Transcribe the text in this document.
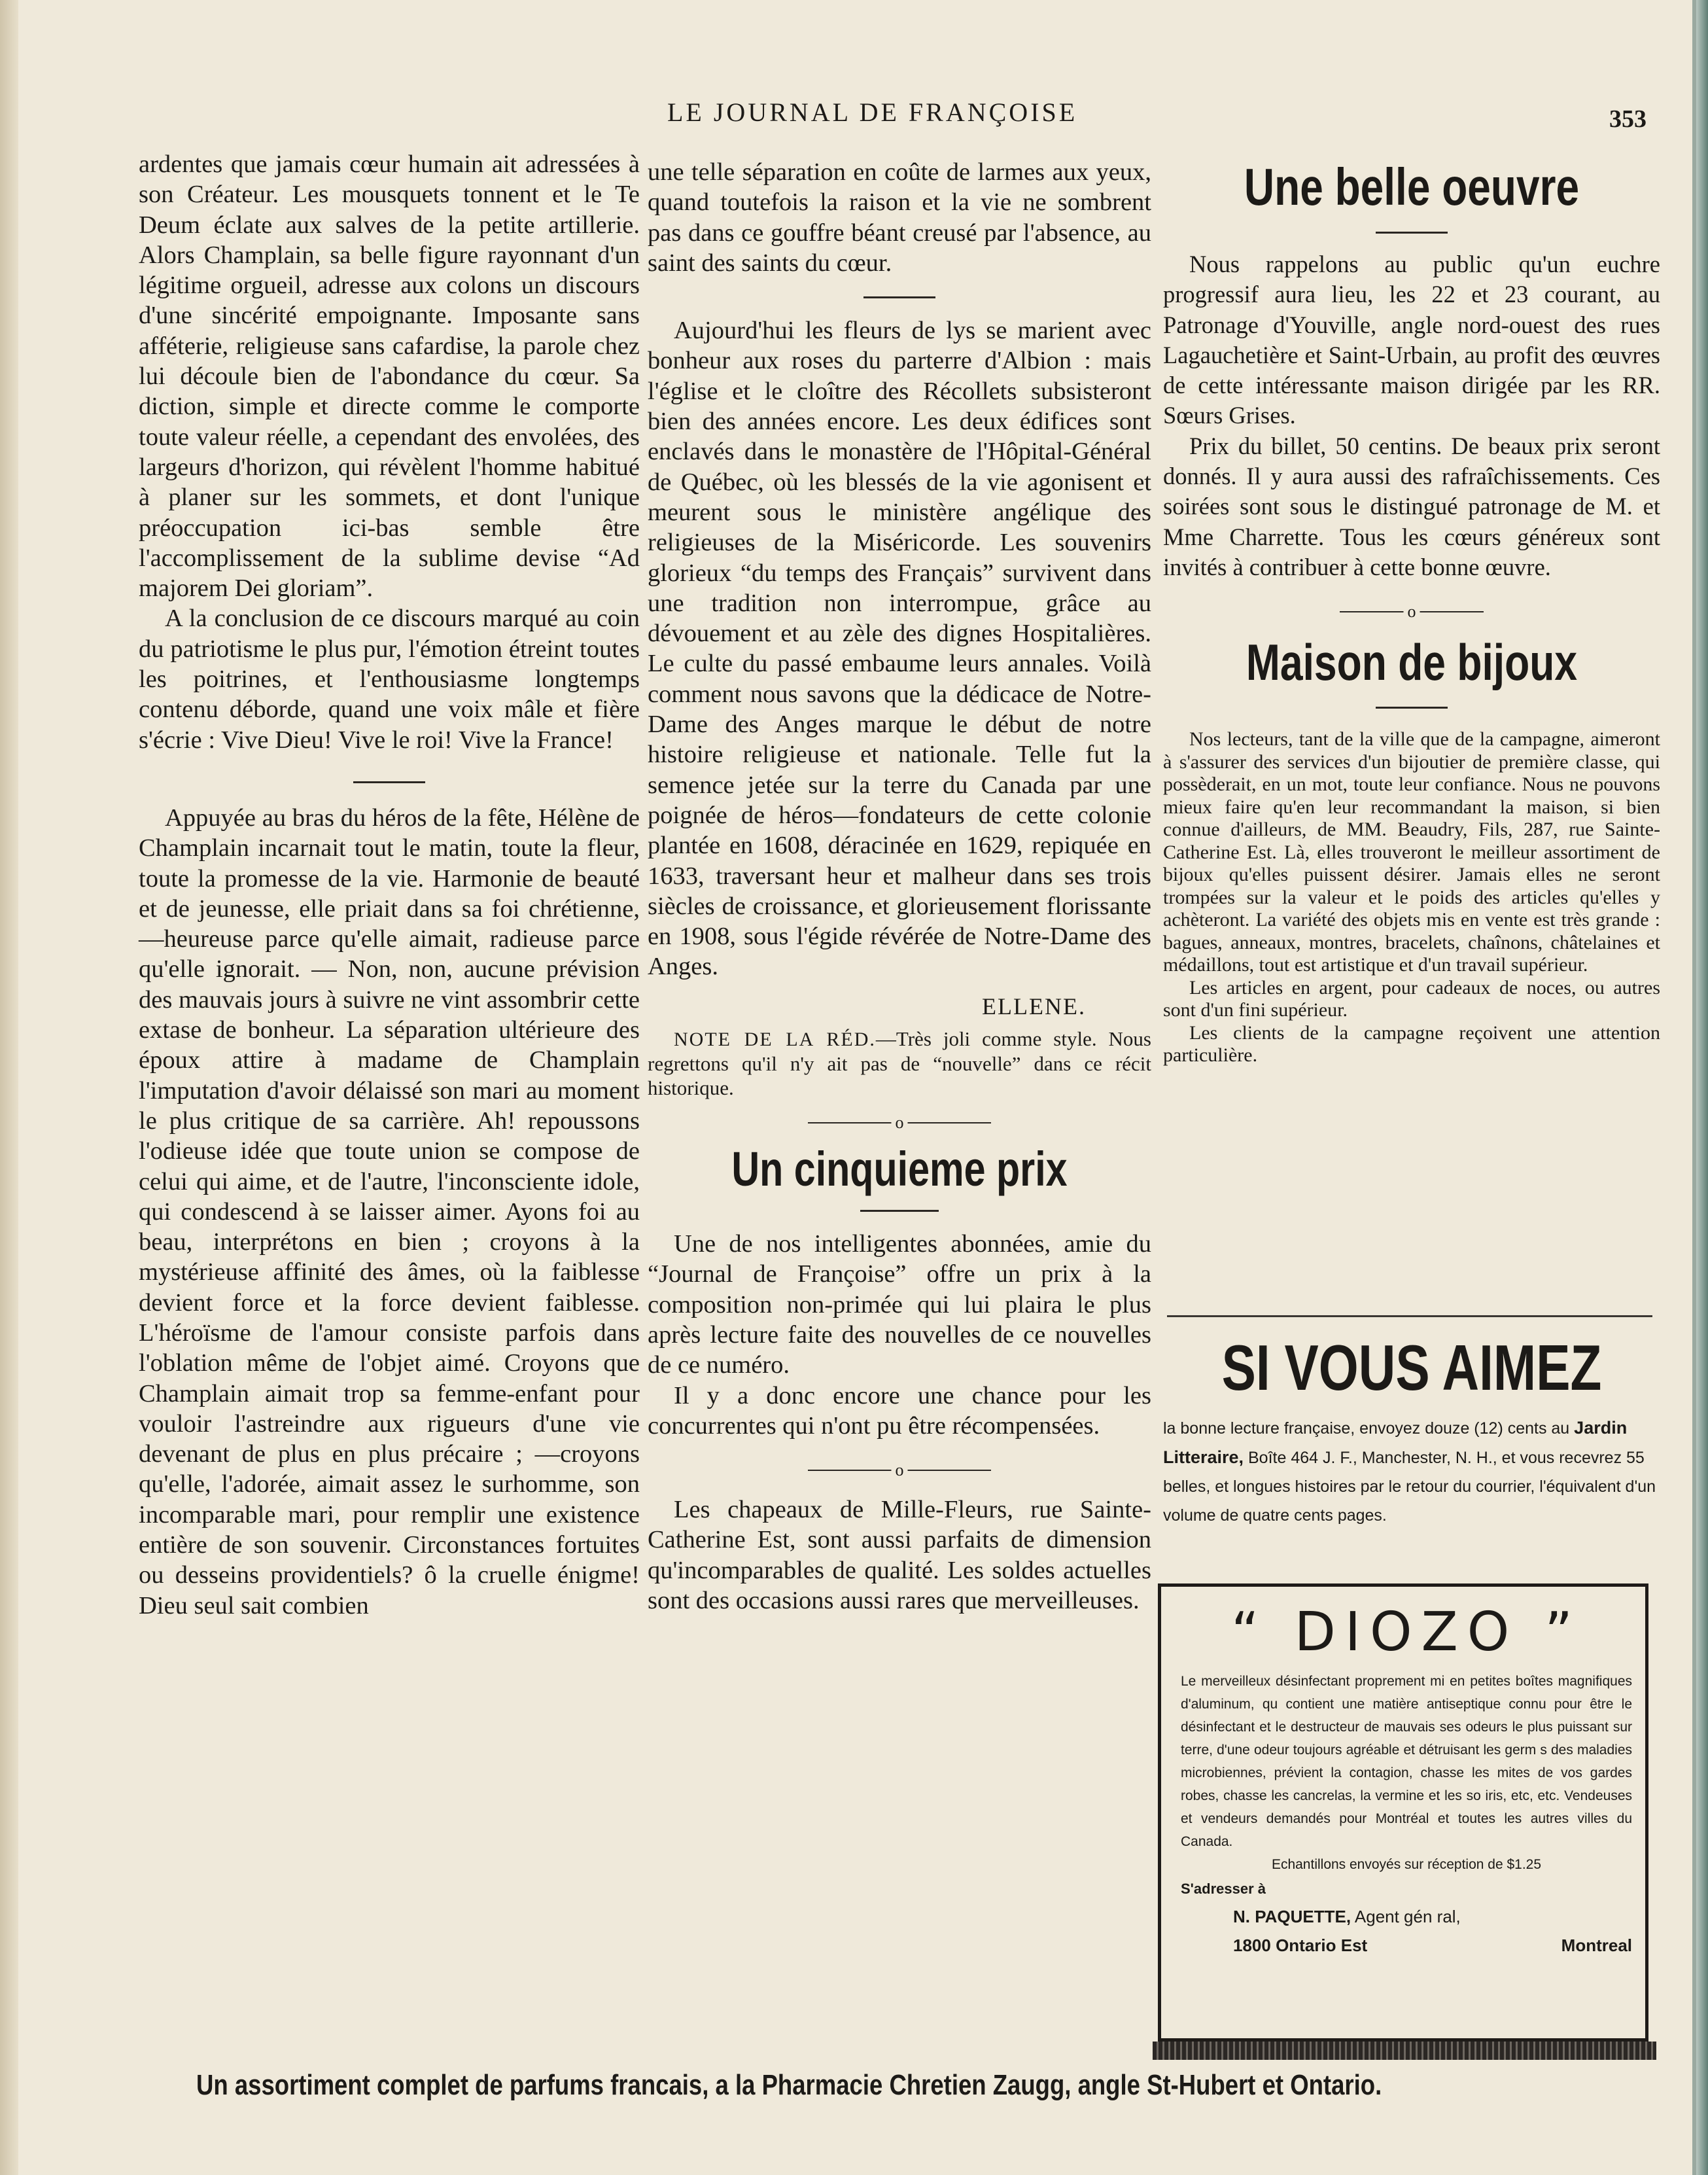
LE JOURNAL DE FRANÇOISE	353

ardentes que jamais cœur humain ait adressées à son Créateur. Les mousquets tonnent et le Te Deum éclate aux salves de la petite artillerie. Alors Champlain, sa belle figure rayonnant d'un légitime orgueil, adresse aux colons un discours d'une sincérité empoignante. Imposante sans afféterie, religieuse sans cafardise, la parole chez lui découle bien de l'abondance du cœur. Sa diction, simple et directe comme le comporte toute valeur réelle, a cependant des envolées, des largeurs d'horizon, qui révèlent l'homme habitué à planer sur les sommets, et dont l'unique préoccupation ici-bas semble être l'accomplissement de la sublime devise “Ad majorem Dei gloriam”.

A la conclusion de ce discours marqué au coin du patriotisme le plus pur, l'émotion étreint toutes les poitrines, et l'enthousiasme longtemps contenu déborde, quand une voix mâle et fière s'écrie : Vive Dieu! Vive le roi! Vive la France!

Appuyée au bras du héros de la fête, Hélène de Champlain incarnait tout le matin, toute la fleur, toute la promesse de la vie. Harmonie de beauté et de jeunesse, elle priait dans sa foi chrétienne,—heureuse parce qu'elle aimait, radieuse parce qu'elle ignorait. — Non, non, aucune prévision des mauvais jours à suivre ne vint assombrir cette extase de bonheur. La séparation ultérieure des époux attire à madame de Champlain l'imputation d'avoir délaissé son mari au moment le plus critique de sa carrière. Ah! repoussons l'odieuse idée que toute union se compose de celui qui aime, et de l'autre, l'inconsciente idole, qui condescend à se laisser aimer. Ayons foi au beau, interprétons en bien ; croyons à la mystérieuse affinité des âmes, où la faiblesse devient force et la force devient faiblesse. L'héroïsme de l'amour consiste parfois dans l'oblation même de l'objet aimé. Croyons que Champlain aimait trop sa femme-enfant pour vouloir l'astreindre aux rigueurs d'une vie devenant de plus en plus précaire ; —croyons qu'elle, l'adorée, aimait assez le surhomme, son incomparable mari, pour remplir une existence entière de son souvenir. Circonstances fortuites ou desseins providentiels? ô la cruelle énigme! Dieu seul sait combien

une telle séparation en coûte de larmes aux yeux, quand toutefois la raison et la vie ne sombrent pas dans ce gouffre béant creusé par l'absence, au saint des saints du cœur.

Aujourd'hui les fleurs de lys se marient avec bonheur aux roses du parterre d'Albion : mais l'église et le cloître des Récollets subsisteront bien des années encore. Les deux édifices sont enclavés dans le monastère de l'Hôpital-Général de Québec, où les blessés de la vie agonisent et meurent sous le ministère angélique des religieuses de la Miséricorde. Les souvenirs glorieux “du temps des Français” survivent dans une tradition non interrompue, grâce au dévouement et au zèle des dignes Hospitalières. Le culte du passé embaume leurs annales. Voilà comment nous savons que la dédicace de Notre-Dame des Anges marque le début de notre histoire religieuse et nationale. Telle fut la semence jetée sur la terre du Canada par une poignée de héros—fondateurs de cette colonie plantée en 1608, déracinée en 1629, repiquée en 1633, traversant heur et malheur dans ses trois siècles de croissance, et glorieusement florissante en 1908, sous l'égide révérée de Notre-Dame des Anges.

ELLENE.

NOTE DE LA RÉD.—Très joli comme style. Nous regrettons qu'il n'y ait pas de “nouvelle” dans ce récit historique.

o
Un cinquieme prix

Une de nos intelligentes abonnées, amie du “Journal de Françoise” offre un prix à la composition non-primée qui lui plaira le plus après lecture faite des nouvelles de ce nouvelles de ce numéro.

Il y a donc encore une chance pour les concurrentes qui n'ont pu être récompensées.

o

Les chapeaux de Mille-Fleurs, rue Sainte-Catherine Est, sont aussi parfaits de dimension qu'incomparables de qualité. Les soldes actuelles sont des occasions aussi rares que merveilleuses.

Une belle oeuvre

Nous rappelons au public qu'un euchre progressif aura lieu, les 22 et 23 courant, au Patronage d'Youville, angle nord-ouest des rues Lagauchetière et Saint-Urbain, au profit des œuvres de cette intéressante maison dirigée par les RR. Sœurs Grises.

Prix du billet, 50 centins. De beaux prix seront donnés. Il y aura aussi des rafraîchissements. Ces soirées sont sous le distingué patronage de M. et Mme Charrette. Tous les cœurs généreux sont invités à contribuer à cette bonne œuvre.

o
Maison de bijoux

Nos lecteurs, tant de la ville que de la campagne, aimeront à s'assurer des services d'un bijoutier de première classe, qui possèderait, en un mot, toute leur confiance. Nous ne pouvons mieux faire qu'en leur recommandant la maison, si bien connue d'ailleurs, de MM. Beaudry, Fils, 287, rue Sainte-Catherine Est. Là, elles trouveront le meilleur assortiment de bijoux qu'elles puissent désirer. Jamais elles ne seront trompées sur la valeur et le poids des articles qu'elles y achèteront. La variété des objets mis en vente est très grande : bagues, anneaux, montres, bracelets, chaînons, châtelaines et médaillons, tout est artistique et d'un travail supérieur.

Les articles en argent, pour cadeaux de noces, ou autres sont d'un fini supérieur.

Les clients de la campagne reçoivent une attention particulière.

SI VOUS AIMEZ
la bonne lecture française, envoyez douze (12) cents au Jardin Litteraire, Boîte 464 J. F., Manchester, N. H., et vous recevrez 55 belles, et longues histoires par le retour du courrier, l'équivalent d'un volume de quatre cents pages.
“ DIOZO ”
Le merveilleux désinfectant proprement mi en petites boîtes magnifiques d'aluminum, qu contient une matière antiseptique connu pour être le désinfectant et le destructeur de mauvais ses odeurs le plus puissant sur terre, d'une odeur toujours agréable et détruisant les germ s des maladies microbiennes, prévient la contagion, chasse les mites de vos gardes robes, chasse les cancrelas, la vermine et les so iris, etc, etc. Vendeuses et vendeurs demandés pour Montréal et toutes les autres villes du Canada.
Echantillons envoyés sur réception de $1.25
S'adresser à
N. PAQUETTE, Agent gén ral,
1800 Ontario Est	Montreal
Un assortiment complet de parfums francais, a la Pharmacie Chretien Zaugg, angle St-Hubert et Ontario.
